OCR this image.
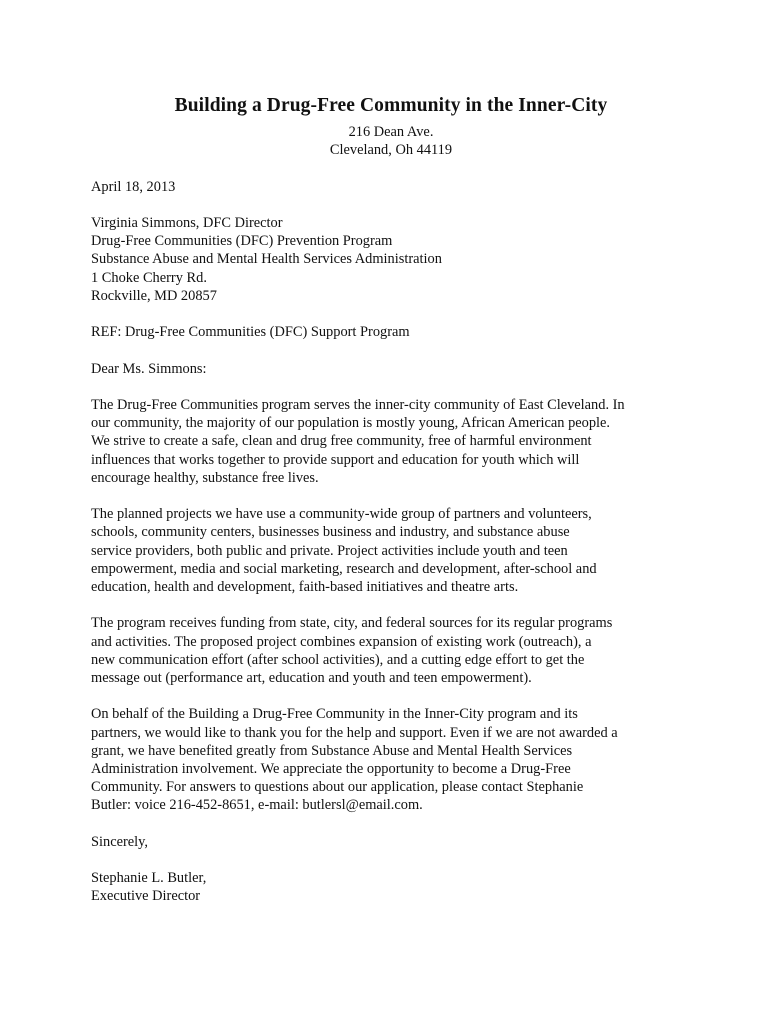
Building a Drug-Free Community in the Inner-City
216 Dean Ave.
Cleveland, Oh 44119
April 18, 2013
Virginia Simmons, DFC Director
Drug-Free Communities (DFC) Prevention Program
Substance Abuse and Mental Health Services Administration
1 Choke Cherry Rd.
Rockville, MD 20857
REF: Drug-Free Communities (DFC) Support Program
Dear Ms. Simmons:
The Drug-Free Communities program serves the inner-city community of East Cleveland. In
our community, the majority of our population is mostly young, African American people.
We strive to create a safe, clean and drug free community, free of harmful environment
influences that works together to provide support and education for youth which will
encourage healthy, substance free lives.
The planned projects we have use a community-wide group of partners and volunteers,
schools, community centers, businesses business and industry, and substance abuse
service providers, both public and private. Project activities include youth and teen
empowerment, media and social marketing, research and development, after-school and
education, health and development, faith-based initiatives and theatre arts.
The program receives funding from state, city, and federal sources for its regular programs
and activities. The proposed project combines expansion of existing work (outreach), a
new communication effort (after school activities), and a cutting edge effort to get the
message out (performance art, education and youth and teen empowerment).
On behalf of the Building a Drug-Free Community in the Inner-City program and its
partners, we would like to thank you for the help and support. Even if we are not awarded a
grant, we have benefited greatly from Substance Abuse and Mental Health Services
Administration involvement. We appreciate the opportunity to become a Drug-Free
Community. For answers to questions about our application, please contact Stephanie
Butler: voice 216-452-8651, e-mail: butlersl@email.com.
Sincerely,
Stephanie L. Butler,
Executive Director
